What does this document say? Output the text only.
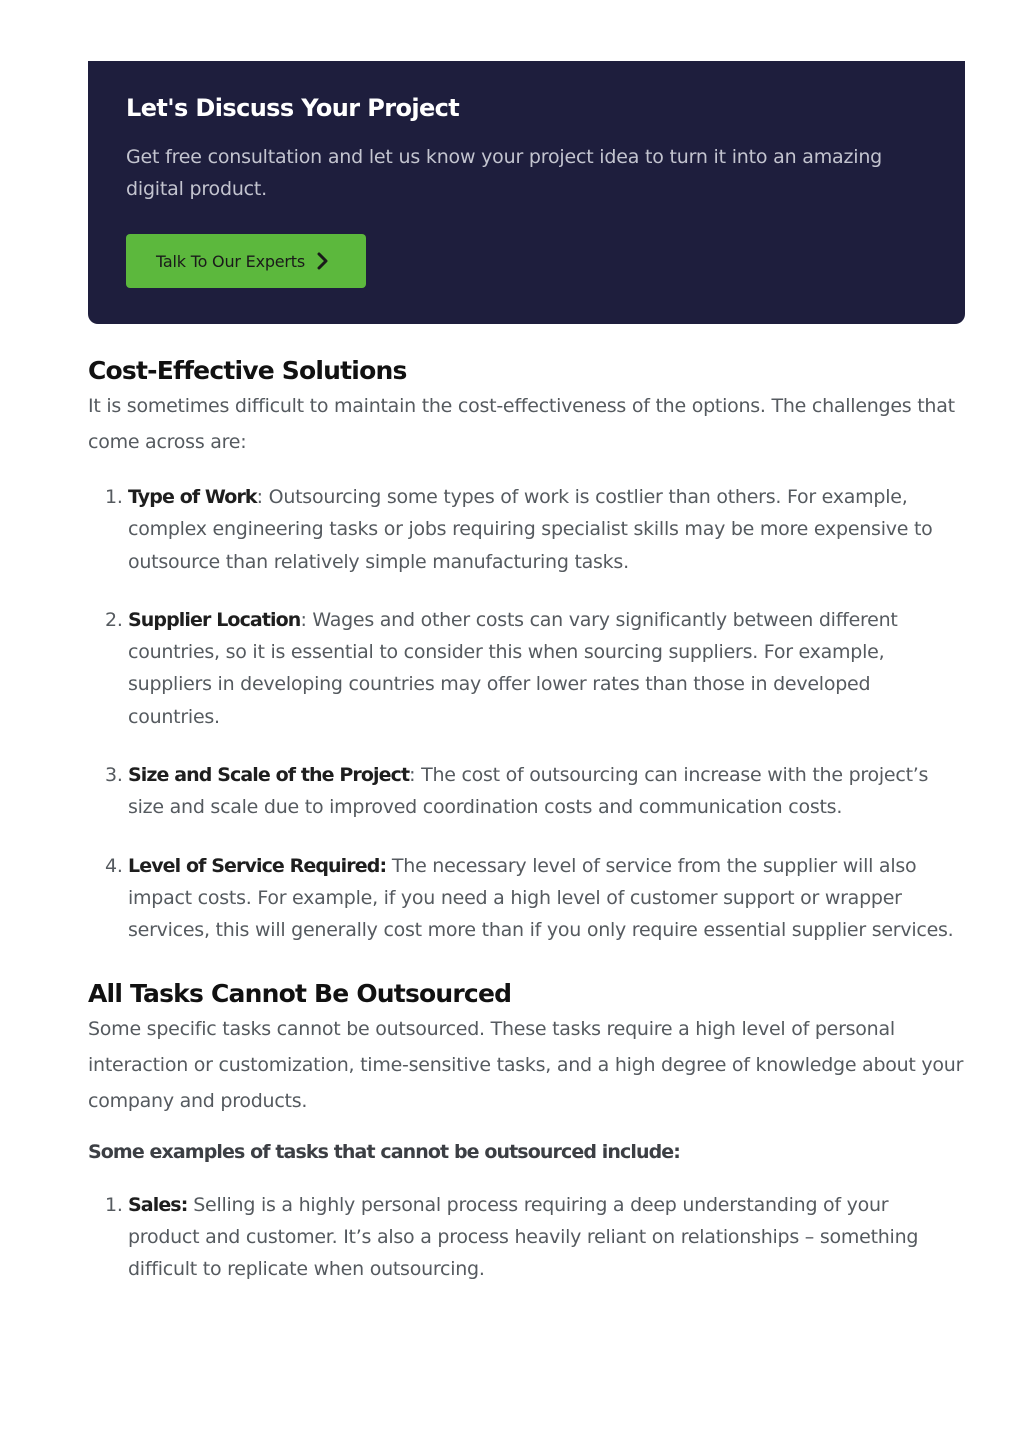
Let's Discuss Your Project

Get free consultation and let us know your project idea to turn it into an amazing digital product.

Talk To Our Experts
Cost-Effective Solutions

It is sometimes difficult to maintain the cost-effectiveness of the options. The challenges that come across are:

1. Type of Work: Outsourcing some types of work is costlier than others. For example, complex engineering tasks or jobs requiring specialist skills may be more expensive to outsource than relatively simple manufacturing tasks.
2. Supplier Location: Wages and other costs can vary significantly between different countries, so it is essential to consider this when sourcing suppliers. For example, suppliers in developing countries may offer lower rates than those in developed countries.
3. Size and Scale of the Project: The cost of outsourcing can increase with the project’s size and scale due to improved coordination costs and communication costs.
4. Level of Service Required: The necessary level of service from the supplier will also impact costs. For example, if you need a high level of customer support or wrapper services, this will generally cost more than if you only require essential supplier services.
All Tasks Cannot Be Outsourced

Some specific tasks cannot be outsourced. These tasks require a high level of personal interaction or customization, time-sensitive tasks, and a high degree of knowledge about your company and products.

Some examples of tasks that cannot be outsourced include:

1. Sales: Selling is a highly personal process requiring a deep understanding of your product and customer. It’s also a process heavily reliant on relationships – something difficult to replicate when outsourcing.
